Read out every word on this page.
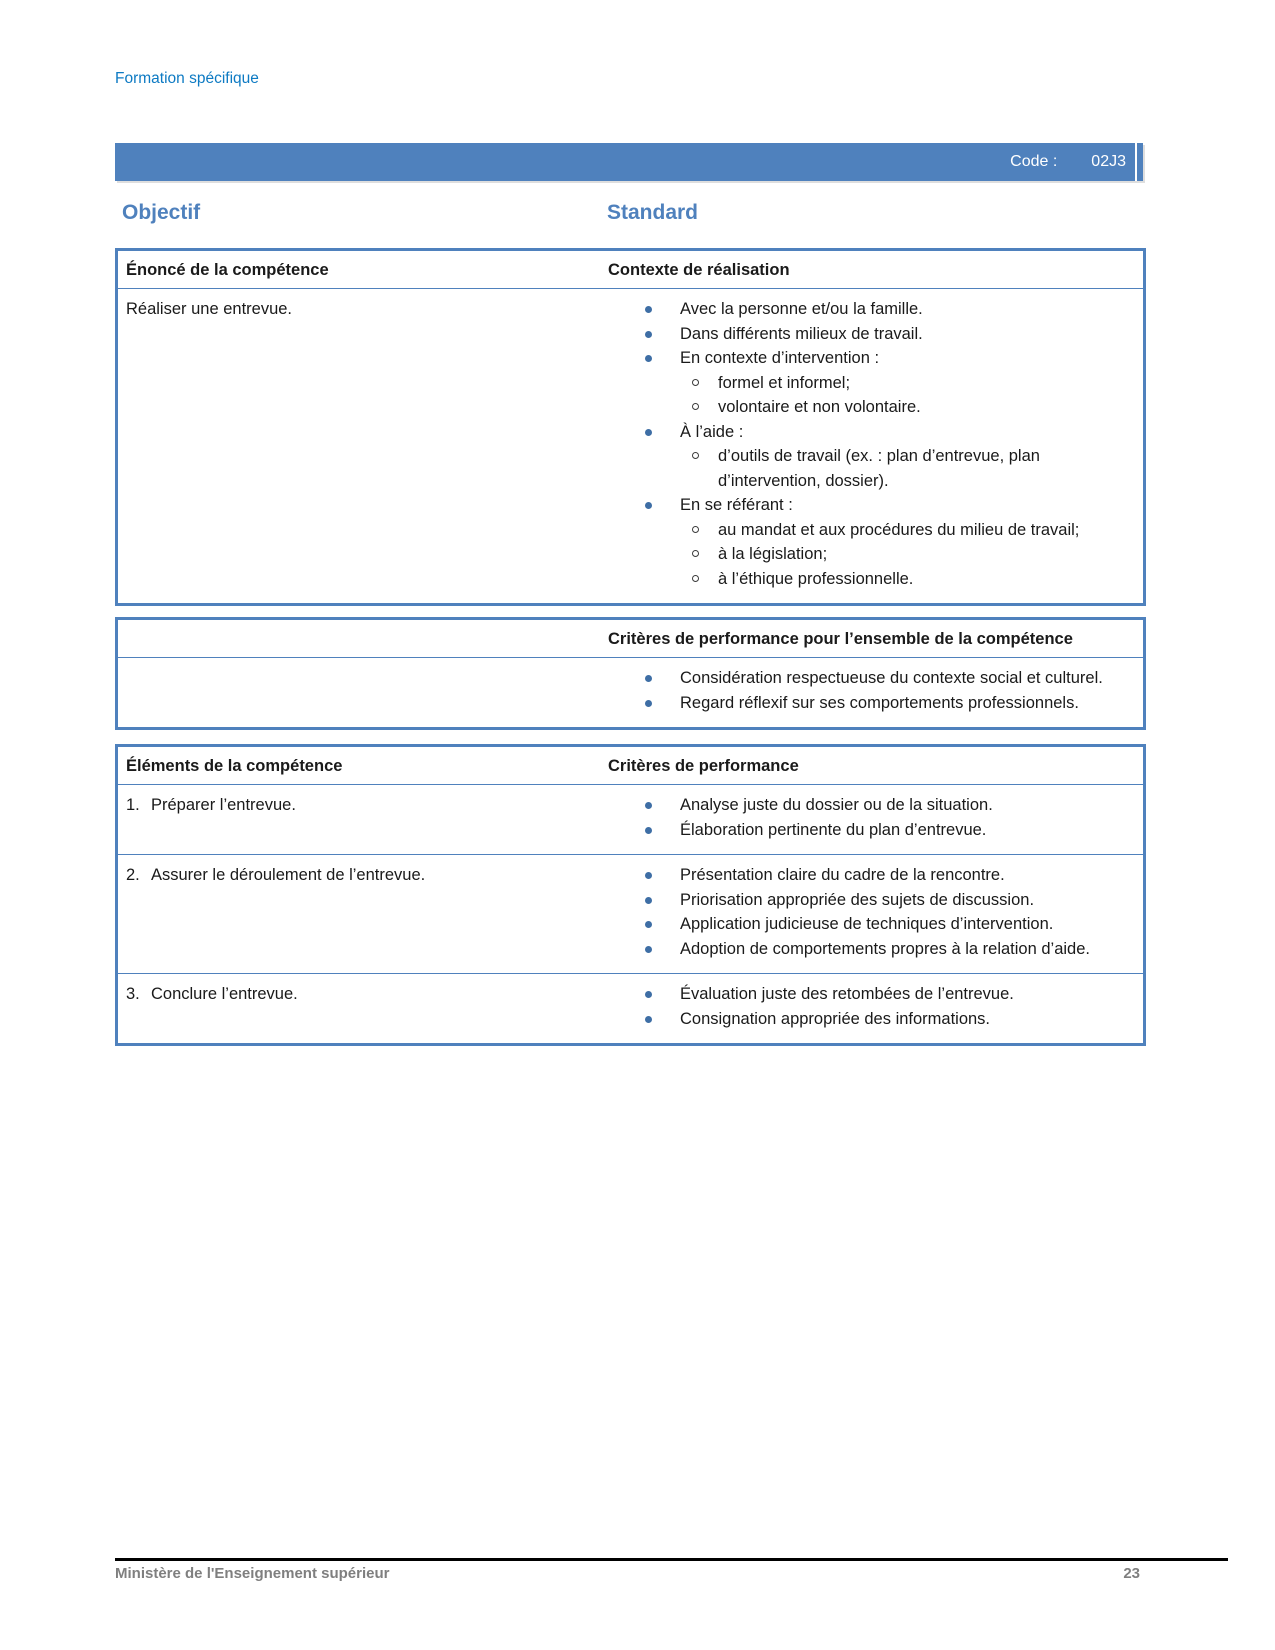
Formation spécifique
Code : 02J3
Objectif	Standard
Énoncé de la compétence	Contexte de réalisation
Réaliser une entrevue.	Avec la personne et/ou la famille.
Dans différents milieux de travail.
En contexte d’intervention :
formel et informel;
volontaire et non volontaire.
À l’aide :
d’outils de travail (ex. : plan d’entrevue, plan d’intervention, dossier).
En se référant :
au mandat et aux procédures du milieu de travail;
à la législation;
à l’éthique professionnelle.
Critères de performance pour l’ensemble de la compétence
Considération respectueuse du contexte social et culturel.
Regard réflexif sur ses comportements professionnels.
Éléments de la compétence	Critères de performance
1. Préparer l’entrevue.	Analyse juste du dossier ou de la situation.
Élaboration pertinente du plan d’entrevue.
2. Assurer le déroulement de l’entrevue.	Présentation claire du cadre de la rencontre.
Priorisation appropriée des sujets de discussion.
Application judicieuse de techniques d’intervention.
Adoption de comportements propres à la relation d’aide.
3. Conclure l’entrevue.	Évaluation juste des retombées de l’entrevue.
Consignation appropriée des informations.
Ministère de l'Enseignement supérieur	23
